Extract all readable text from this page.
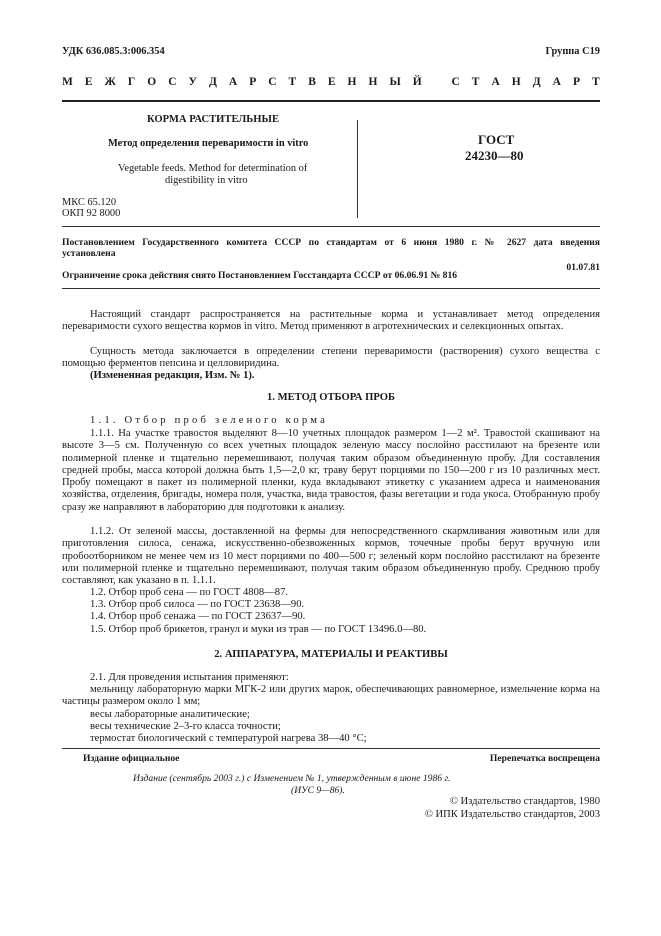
УДК 636.085.3:006.354	Группа С19
М Е Ж Г О С У Д А Р С Т В Е Н Н Ы Й
	С Т А Н Д А Р Т
КОРМА РАСТИТЕЛЬНЫЕ
Метод определения переваримости in vitro
Vegetable feeds. Method for determination of
digestibility in vitro
ГОСТ
24230—80
МКС 65.120
ОКП 92 8000
Постановлением Государственного комитета СССР по стандартам от 6 июня 1980 г. № 2627 дата введения
установлена
01.07.81
Ограничение срока действия снято Постановлением Госстандарта СССР от 06.06.91 № 816
Настоящий стандарт распространяется на растительные корма и устанавливает метод определения переваримости сухого вещества кормов in vitro. Метод применяют в агротехнических и селекционных опытах.
Сущность метода заключается в определении степени переваримости (растворения) сухого вещества с помощью ферментов пепсина и целловиридина.
(Измененная редакция, Изм. № 1).
1. МЕТОД ОТБОРА ПРОБ
1.1. Отбор проб зеленого корма
1.1.1. На участке травостоя выделяют 8—10 учетных площадок размером 1—2 м². Травостой скашивают на высоте 3—5 см. Полученную со всех учетных площадок зеленую массу послойно расстилают на брезенте или полимерной пленке и тщательно перемешивают, получая таким образом объединенную пробу. Для составления средней пробы, масса которой должна быть 1,5—2,0 кг, траву берут порциями по 150—200 г из 10 различных мест. Пробу помещают в пакет из полимерной пленки, куда вкладывают этикетку с указанием адреса и наименования хозяйства, отделения, бригады, номера поля, участка, вида травостоя, фазы вегетации и года укоса. Отобранную пробу сразу же направляют в лабораторию для подготовки к анализу.
1.1.2. От зеленой массы, доставленной на фермы для непосредственного скармливания животным или для приготовления силоса, сенажа, искусственно-обезвоженных кормов, точечные пробы берут вручную или пробоотборником не менее чем из 10 мест порциями по 400—500 г; зеленый корм послойно расстилают на брезенте или полимерной пленке и тщательно перемешивают, получая таким образом объединенную пробу. Среднюю пробу составляют, как указано в п. 1.1.1.
1.2. Отбор проб сена — по ГОСТ 4808—87.
1.3. Отбор проб силоса — по ГОСТ 23638—90.
1.4. Отбор проб сенажа — по ГОСТ 23637—90.
1.5. Отбор проб брикетов, гранул и муки из трав — по ГОСТ 13496.0—80.
2. АППАРАТУРА, МАТЕРИАЛЫ И РЕАКТИВЫ
2.1. Для проведения испытания применяют:
мельницу лабораторную марки МГК-2 или других марок, обеспечивающих равномерное, измельчение корма на частицы размером около 1 мм;
весы лабораторные аналитические;
весы технические 2–3-го класса точности;
термостат биологический с температурой нагрева 38—40 °С;
Издание официальное	Перепечатка воспрещена
Издание (сентябрь 2003 г.) с Изменением № 1, утвержденным в июне 1986 г.
(ИУС 9—86).
© Издательство стандартов, 1980
© ИПК Издательство стандартов, 2003
